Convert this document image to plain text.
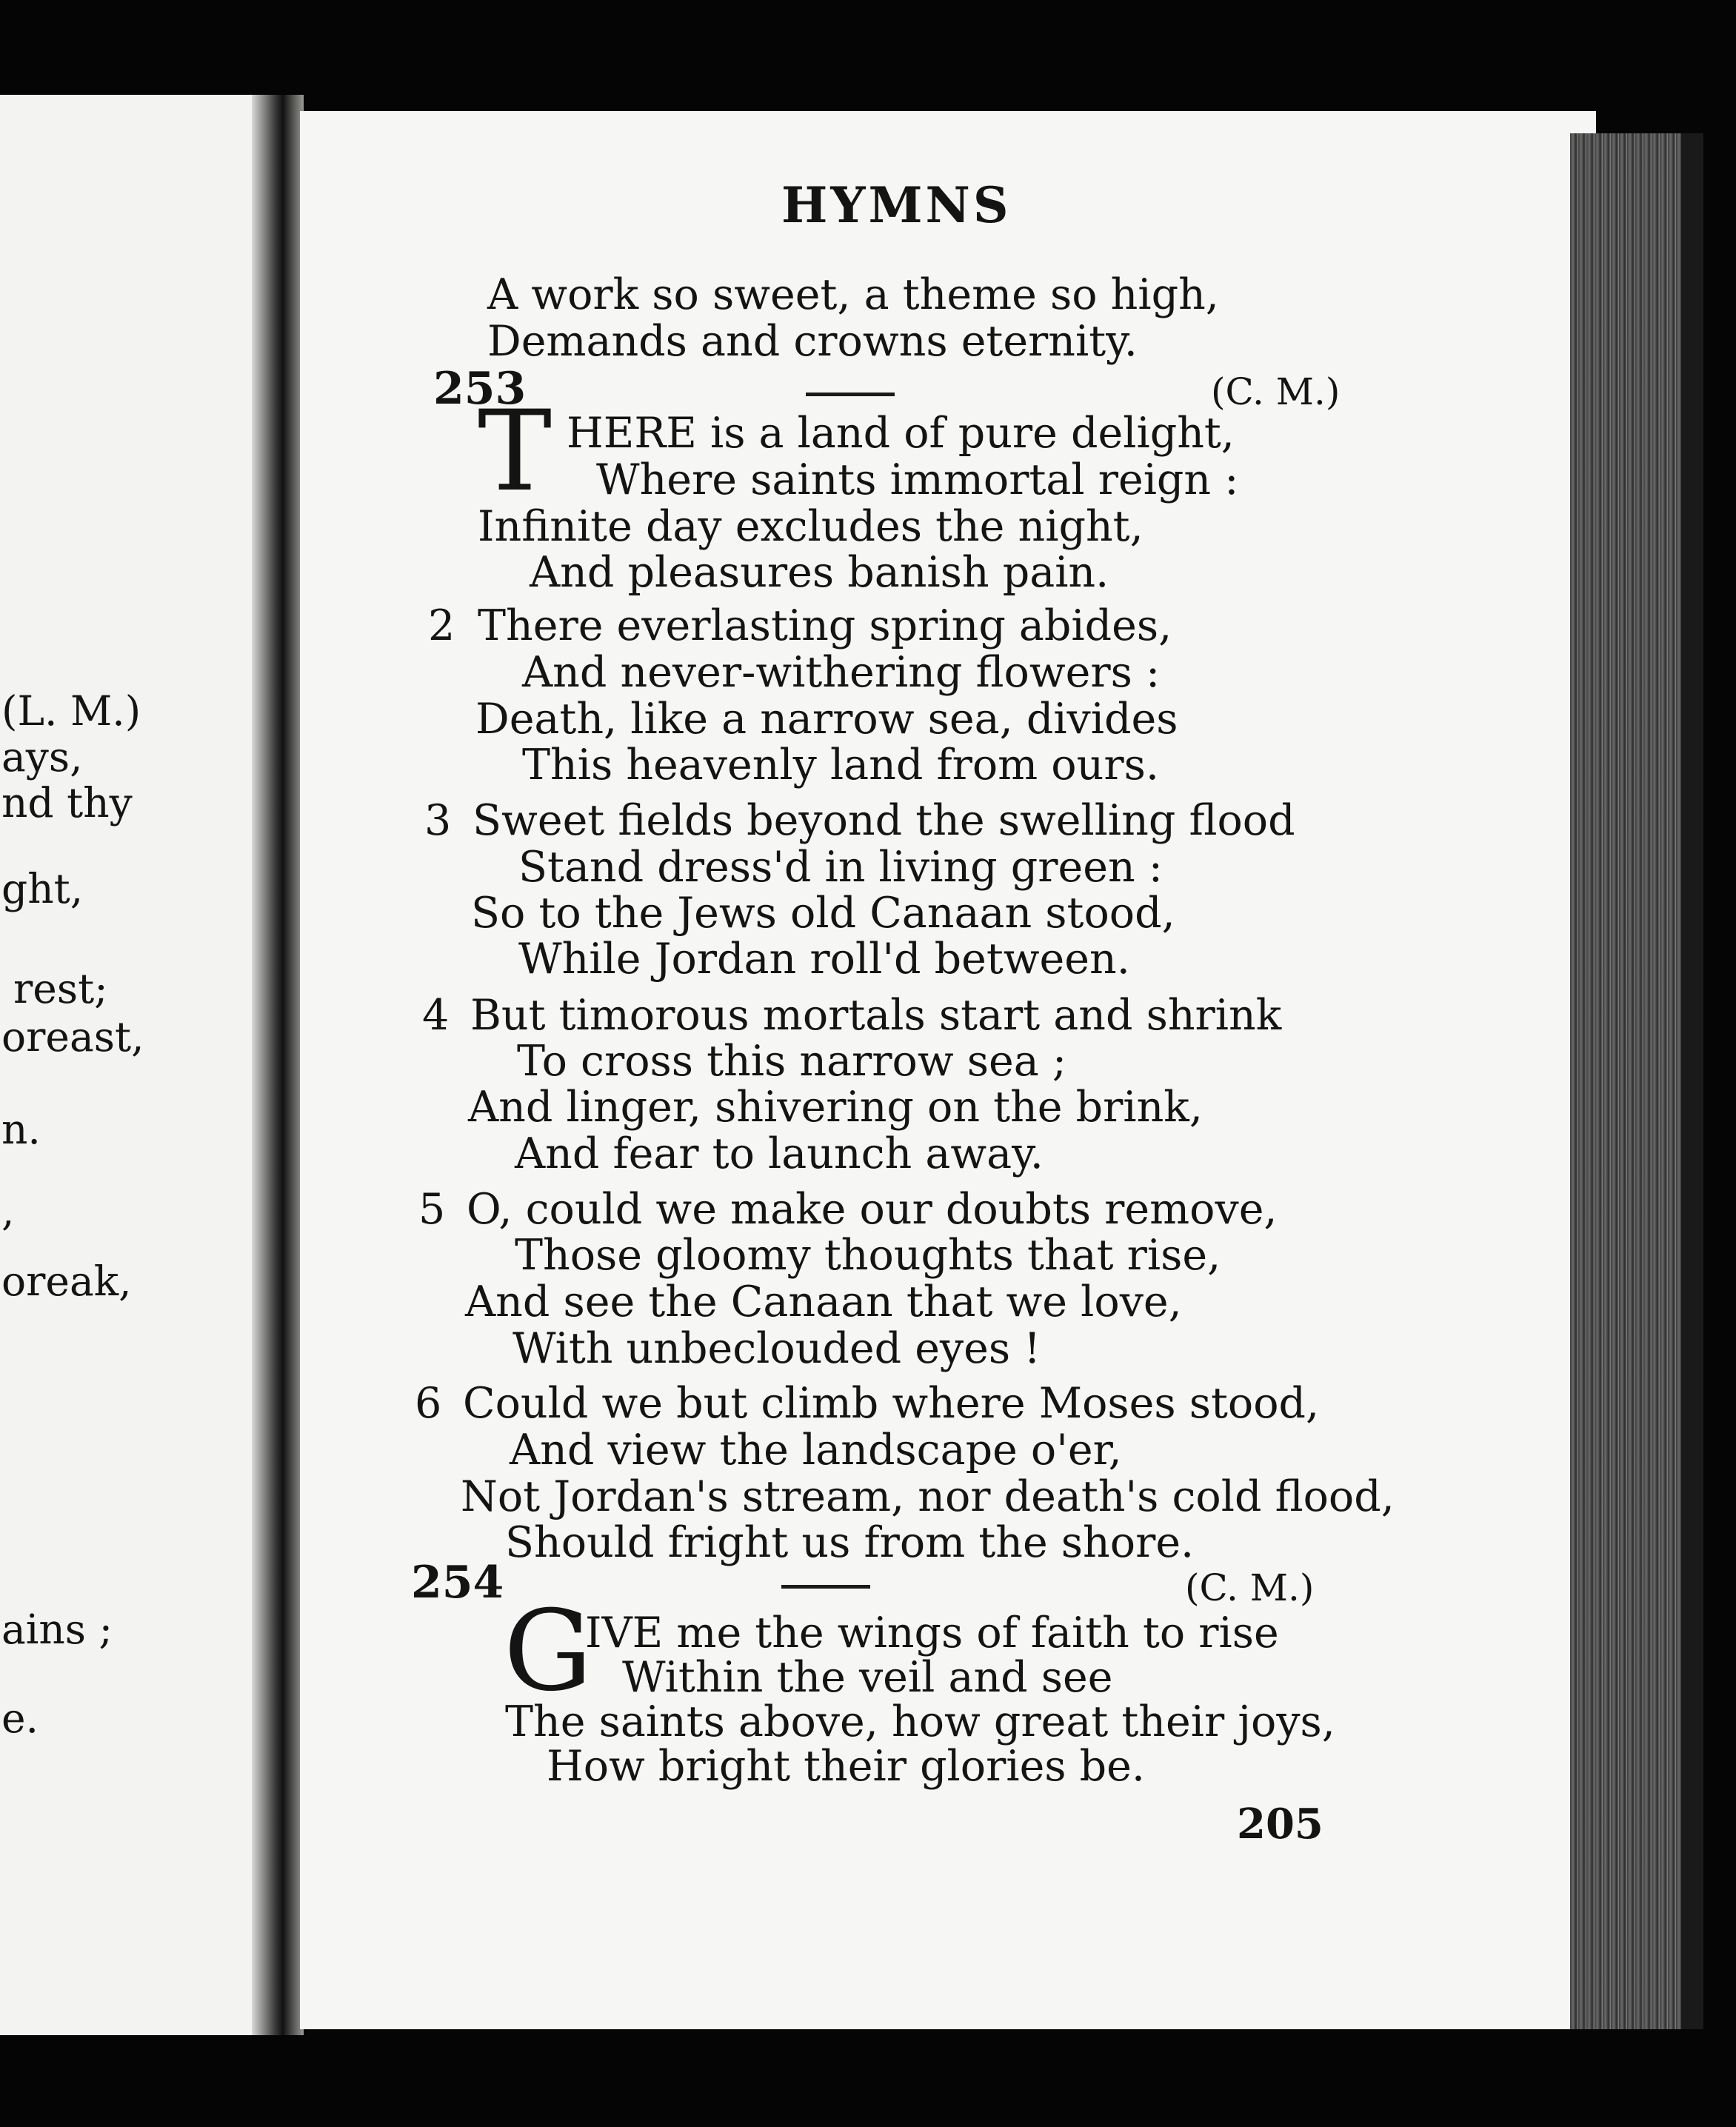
(L. M.)
ays,
nd thy
ght,
rest;
oreast,
n.
,
oreak,
ains ;
e.
HYMNS
A work so sweet, a theme so high,
Demands and crowns eternity.
253	(C. M.)
T HERE is a land of pure delight,
Where saints immortal reign :
Infinite day excludes the night,
And pleasures banish pain.
2 There everlasting spring abides,
And never-withering flowers :
Death, like a narrow sea, divides
This heavenly land from ours.
3 Sweet fields beyond the swelling flood
Stand dress'd in living green :
So to the Jews old Canaan stood,
While Jordan roll'd between.
4 But timorous mortals start and shrink
To cross this narrow sea ;
And linger, shivering on the brink,
And fear to launch away.
5 O, could we make our doubts remove,
Those gloomy thoughts that rise,
And see the Canaan that we love,
With unbeclouded eyes !
6 Could we but climb where Moses stood,
And view the landscape o'er,
Not Jordan's stream, nor death's cold flood,
Should fright us from the shore.
254	(C. M.)
G
IVE me the wings of faith to rise
Within the veil and see
The saints above, how great their joys,
How bright their glories be.
205
